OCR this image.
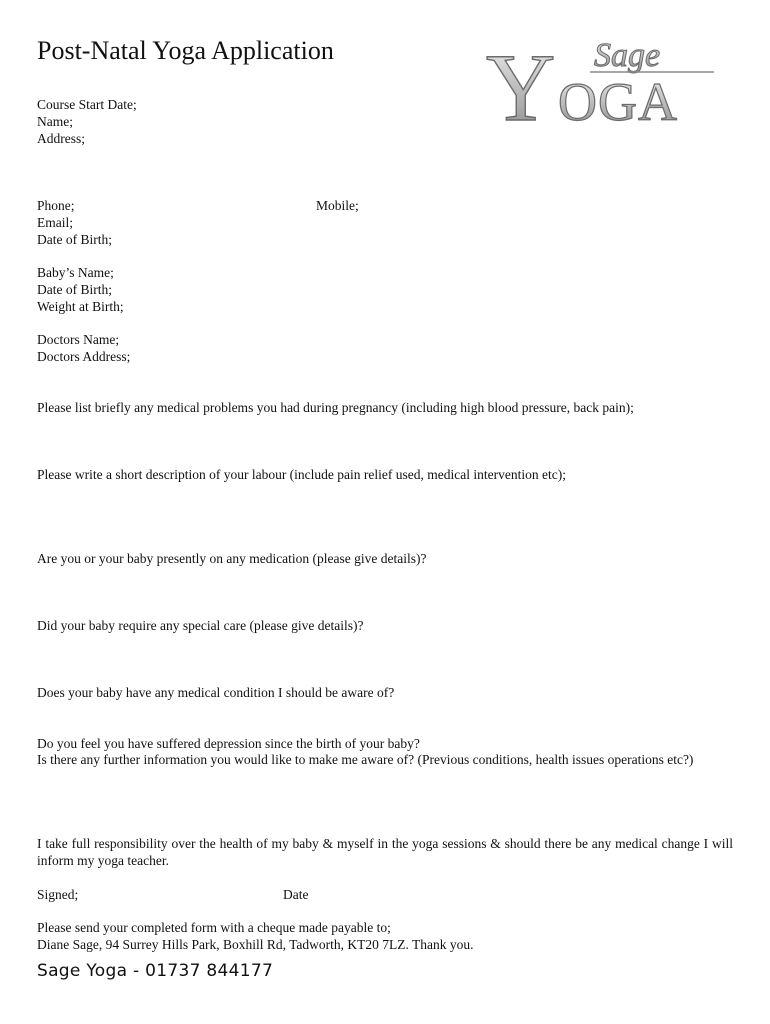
Post-Natal Yoga Application Y Sage
OGA
Course Start Date;
Name;
Address;
Phone;	Mobile;
Email;
Date of Birth;
Baby’s Name;
Date of Birth;
Weight at Birth;
Doctors Name;
Doctors Address;
Please list briefly any medical problems you had during pregnancy (including high blood pressure, back pain);
Please write a short description of your labour (include pain relief used, medical intervention etc);
Are you or your baby presently on any medication (please give details)?
Did your baby require any special care (please give details)?
Does your baby have any medical condition I should be aware of?
Do you feel you have suffered depression since the birth of your baby?
Is there any further information you would like to make me aware of? (Previous conditions, health issues operations etc?)
I take full responsibility over the health of my baby & myself in the yoga sessions & should there be any medical change I will inform my yoga teacher.
Signed;	Date
Please send your completed form with a cheque made payable to;
Diane Sage, 94 Surrey Hills Park, Boxhill Rd, Tadworth, KT20 7LZ. Thank you.
Sage Yoga - 01737 844177
